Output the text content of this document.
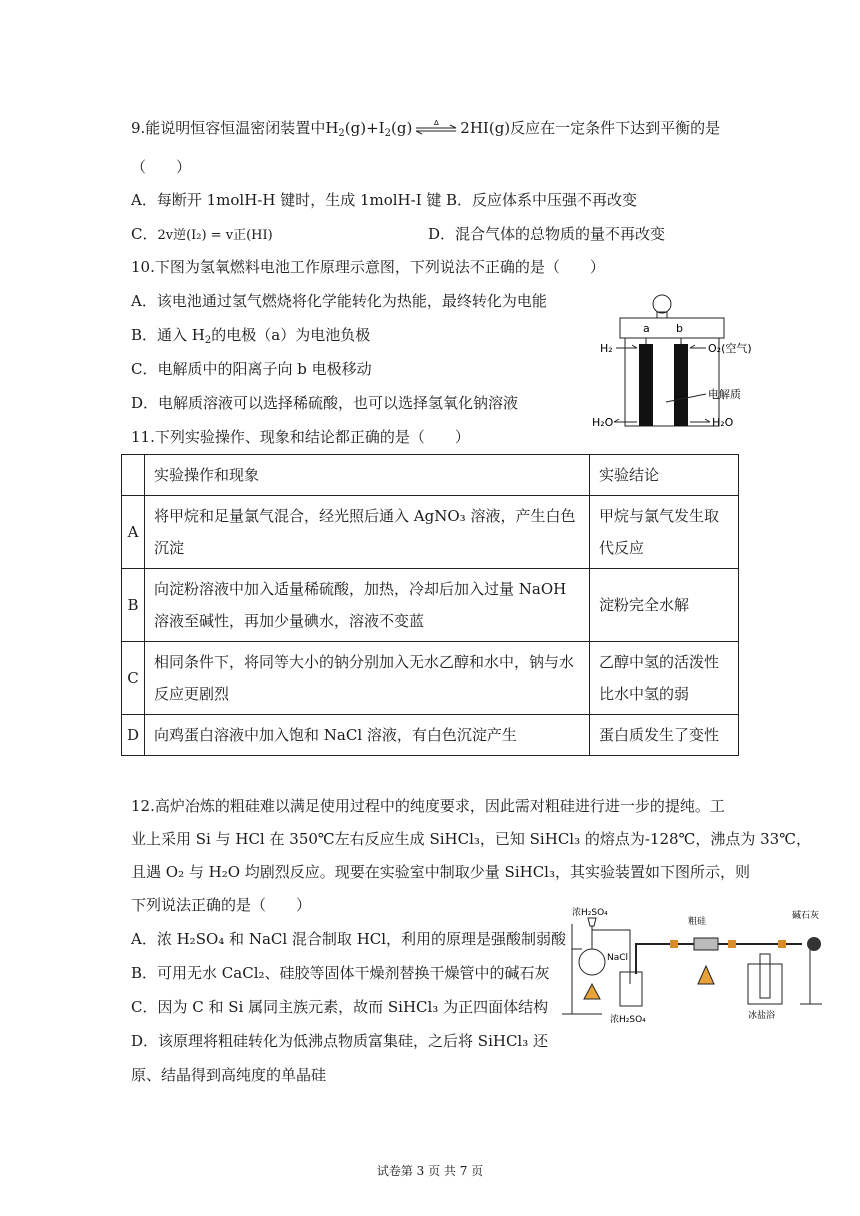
9.能说明恒容恒温密闭装置中$H_2(g)+I_2(g)$	Δ 2HI(g)反应在一定条件下达到平衡的是
（　　）
A．每断开 1molH-H 键时，生成 1molH-I 键 B．反应体系中压强不再改变
C．2v逆(I₂) = v正(HI)	D．混合气体的总物质的量不再改变
10.下图为氢氧燃料电池工作原理示意图，下列说法不正确的是（　　）
A．该电池通过氢气燃烧将化学能转化为热能，最终转化为电能
B．通入 $H_2$的电极（a）为电池负极
C．电解质中的阳离子向 b 电极移动
D．电解质溶液可以选择稀硫酸，也可以选择氢氧化钠溶液
a b
H₂	O₂(空气)
电解质
H₂O	H₂O
11.下列实验操作、现象和结论都正确的是（　　）
	实验操作和现象	实验结论
A	将甲烷和足量氯气混合，经光照后通入 AgNO₃ 溶液，产生白色沉淀	甲烷与氯气发生取代反应
B	向淀粉溶液中加入适量稀硫酸，加热，冷却后加入过量 NaOH 溶液至碱性，再加少量碘水，溶液不变蓝	淀粉完全水解
C	相同条件下，将同等大小的钠分别加入无水乙醇和水中，钠与水反应更剧烈	乙醇中氢的活泼性比水中氢的弱
D	向鸡蛋白溶液中加入饱和 NaCl 溶液，有白色沉淀产生	蛋白质发生了变性
12.高炉冶炼的粗硅难以满足使用过程中的纯度要求，因此需对粗硅进行进一步的提纯。工
业上采用 Si 与 HCl 在 350℃左右反应生成 SiHCl₃，已知 SiHCl₃ 的熔点为-128℃，沸点为 33℃，
且遇 O₂ 与 H₂O 均剧烈反应。现要在实验室中制取少量 SiHCl₃，其实验装置如下图所示，则
下列说法正确的是（　　）
A．浓 H₂SO₄ 和 NaCl 混合制取 HCl，利用的原理是强酸制弱酸
B．可用无水 CaCl₂、硅胶等固体干燥剂替换干燥管中的碱石灰
C．因为 C 和 Si 属同主族元素，故而 SiHCl₃ 为正四面体结构
D．该原理将粗硅转化为低沸点物质富集硅，之后将 SiHCl₃ 还
原、结晶得到高纯度的单晶硅
浓H₂SO₄
NaCl
浓H₂SO₄
粗硅
冰盐浴
碱石灰
试卷第 3 页 共 7 页
